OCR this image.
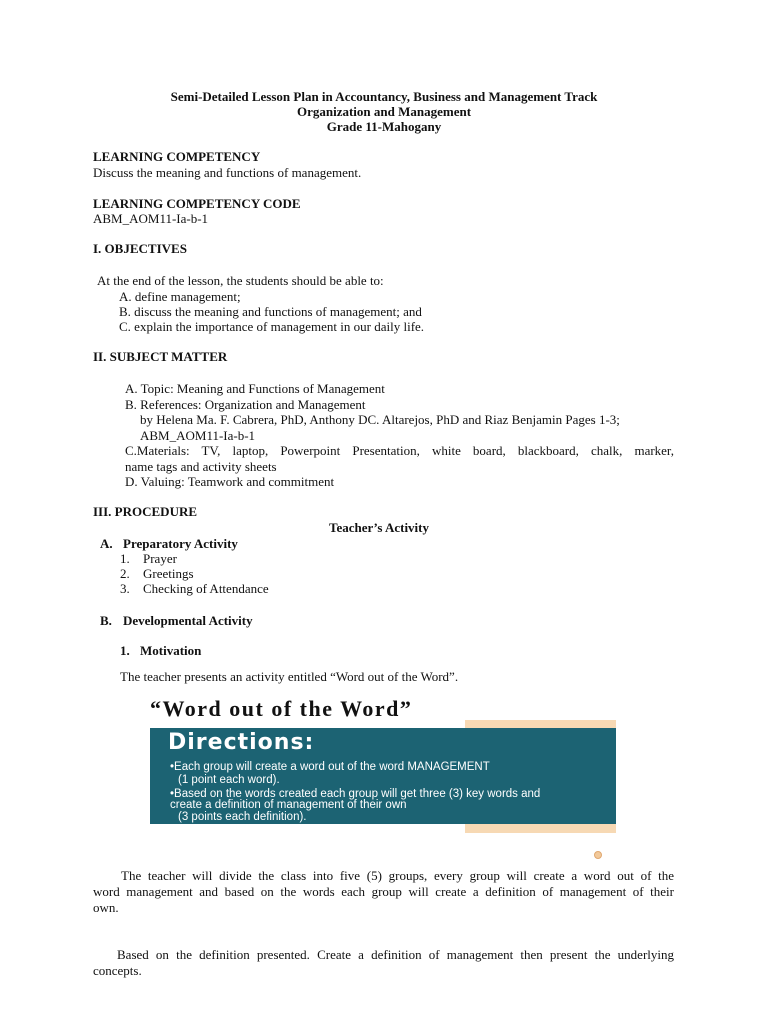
Semi-Detailed Lesson Plan in Accountancy, Business and Management Track
Organization and Management
Grade 11-Mahogany
LEARNING COMPETENCY
Discuss the meaning and functions of management.
LEARNING COMPETENCY CODE
ABM_AOM11-Ia-b-1
I. OBJECTIVES
At the end of the lesson, the students should be able to:
A. define management;
B. discuss the meaning and functions of management; and
C. explain the importance of management in our daily life.
II. SUBJECT MATTER
A. Topic: Meaning and Functions of Management
B. References: Organization and Management
by Helena Ma. F. Cabrera, PhD, Anthony DC. Altarejos, PhD and Riaz Benjamin Pages 1-3;
ABM_AOM11-Ia-b-1
C.Materials: TV, laptop, Powerpoint Presentation, white board, blackboard, chalk, marker,
name tags and activity sheets
D. Valuing: Teamwork and commitment
III. PROCEDURE
Teacher’s Activity
A. Preparatory Activity
1. Prayer
2. Greetings
3. Checking of Attendance
B. Developmental Activity
1. Motivation
The teacher presents an activity entitled “Word out of the Word”.
“Word out of the Word”
Directions:
•Each group will create a word out of the word MANAGEMENT
(1 point each word).
•Based on the words created each group will get three (3) key words and
create a definition of management of their own
(3 points each definition).
The teacher will divide the class into five (5) groups, every group will create a word out of the
word management and based on the words each group will create a definition of management of their
own.
Based on the definition presented. Create a definition of management then present the underlying
concepts.
